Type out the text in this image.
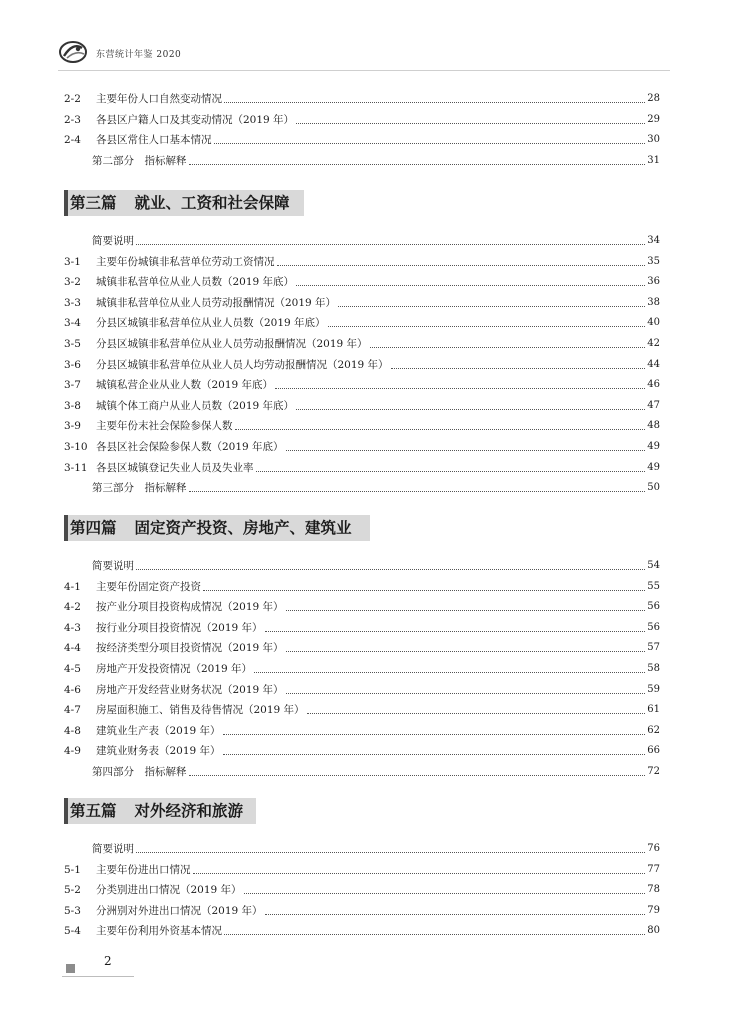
东营统计年鉴 2020
2-2	主要年份人口自然变动情况	28
2-3	各县区户籍人口及其变动情况（2019 年）	29
2-4	各县区常住人口基本情况	30
第二部分　指标解释	31
第三篇 就业、工资和社会保障
简要说明	34
3-1	主要年份城镇非私营单位劳动工资情况	35
3-2	城镇非私营单位从业人员数（2019 年底）	36
3-3	城镇非私营单位从业人员劳动报酬情况（2019 年）	38
3-4	分县区城镇非私营单位从业人员数（2019 年底）	40
3-5	分县区城镇非私营单位从业人员劳动报酬情况（2019 年）	42
3-6	分县区城镇非私营单位从业人员人均劳动报酬情况（2019 年）	44
3-7	城镇私营企业从业人数（2019 年底）	46
3-8	城镇个体工商户从业人员数（2019 年底）	47
3-9	主要年份末社会保险参保人数	48
3-10 各县区社会保险参保人数（2019 年底）	49
3-11 各县区城镇登记失业人员及失业率	49
第三部分　指标解释	50
第四篇 固定资产投资、房地产、建筑业
简要说明	54
4-1	主要年份固定资产投资	55
4-2	按产业分项目投资构成情况（2019 年）	56
4-3	按行业分项目投资情况（2019 年）	56
4-4	按经济类型分项目投资情况（2019 年）	57
4-5	房地产开发投资情况（2019 年）	58
4-6	房地产开发经营业财务状况（2019 年）	59
4-7	房屋面积施工、销售及待售情况（2019 年）	61
4-8	建筑业生产表（2019 年）	62
4-9	建筑业财务表（2019 年）	66
第四部分　指标解释	72
第五篇 对外经济和旅游
简要说明	76
5-1	主要年份进出口情况	77
5-2	分类别进出口情况（2019 年）	78
5-3	分洲别对外进出口情况（2019 年）	79
5-4	主要年份利用外资基本情况	80
2
